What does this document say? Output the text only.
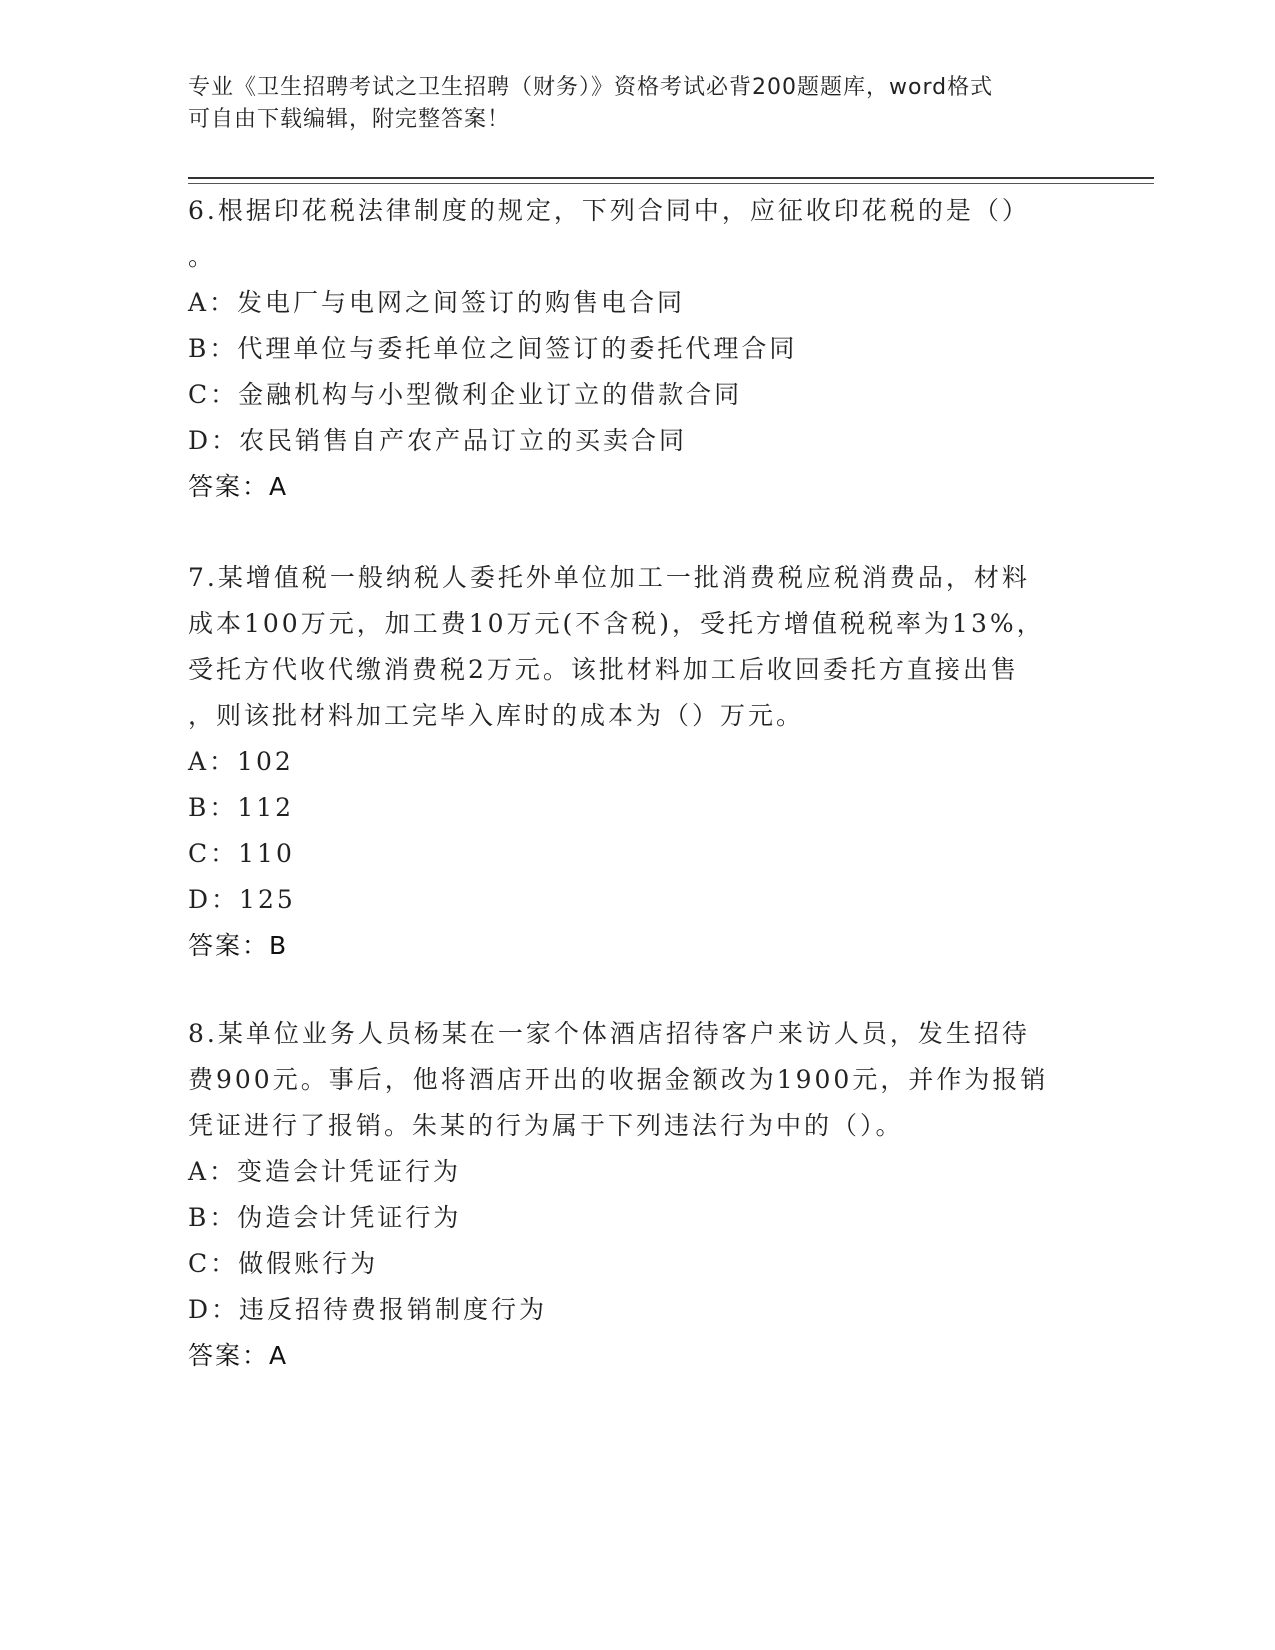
专业《卫生招聘考试之卫生招聘（财务）》资格考试必背200题题库，word格式
可自由下载编辑，附完整答案！
6.根据印花税法律制度的规定，下列合同中，应征收印花税的是（）
。
A：发电厂与电网之间签订的购售电合同
B：代理单位与委托单位之间签订的委托代理合同
C：金融机构与小型微利企业订立的借款合同
D：农民销售自产农产品订立的买卖合同
答案：A
7.某增值税一般纳税人委托外单位加工一批消费税应税消费品，材料
成本100万元，加工费10万元(不含税)，受托方增值税税率为13%，
受托方代收代缴消费税2万元。该批材料加工后收回委托方直接出售
，则该批材料加工完毕入库时的成本为（）万元。
A：102
B：112
C：110
D：125
答案：B
8.某单位业务人员杨某在一家个体酒店招待客户来访人员，发生招待
费900元。事后，他将酒店开出的收据金额改为1900元，并作为报销
凭证进行了报销。朱某的行为属于下列违法行为中的（）。
A：变造会计凭证行为
B：伪造会计凭证行为
C：做假账行为
D：违反招待费报销制度行为
答案：A
